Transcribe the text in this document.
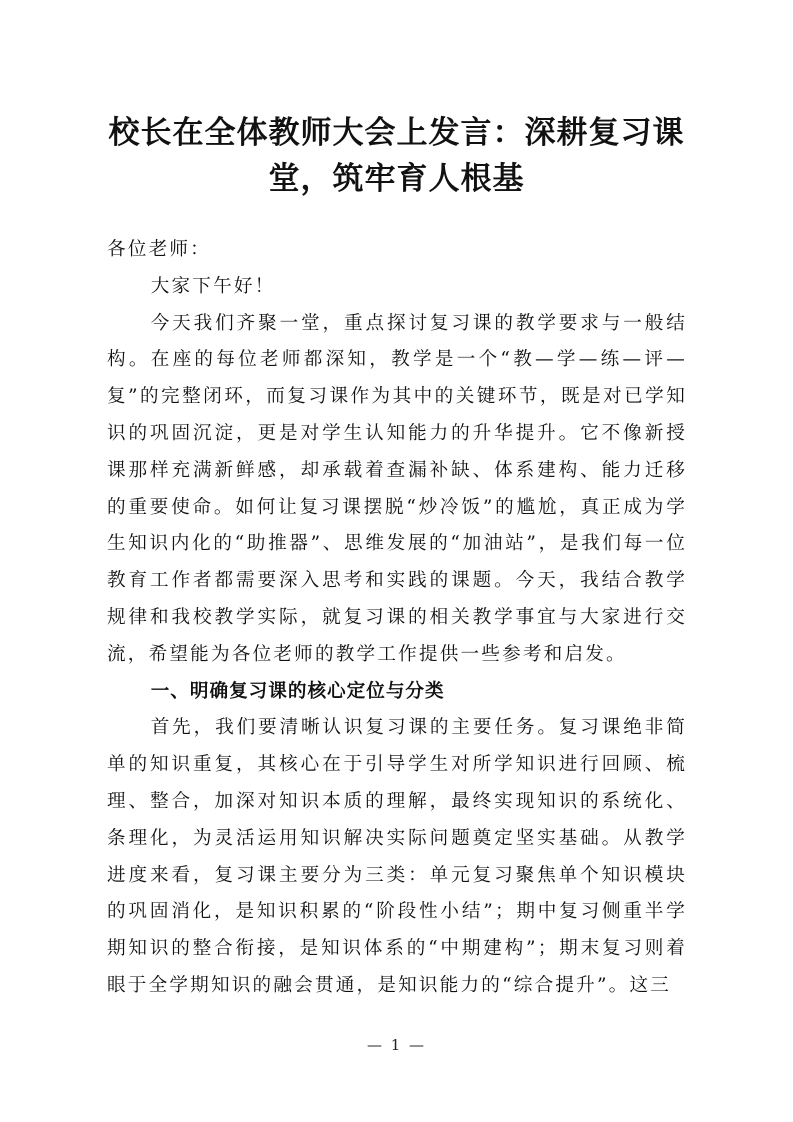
校长在全体教师大会上发言：深耕复习课
堂，筑牢育人根基

各位老师：

大家下午好！

今天我们齐聚一堂，重点探讨复习课的教学要求与一般结构。在座的每位老师都深知，教学是一个“教—学—练—评—复”的完整闭环，而复习课作为其中的关键环节，既是对已学知识的巩固沉淀，更是对学生认知能力的升华提升。它不像新授课那样充满新鲜感，却承载着查漏补缺、体系建构、能力迁移的重要使命。如何让复习课摆脱“炒冷饭”的尴尬，真正成为学生知识内化的“助推器”、思维发展的“加油站”，是我们每一位教育工作者都需要深入思考和实践的课题。今天，我结合教学规律和我校教学实际，就复习课的相关教学事宜与大家进行交流，希望能为各位老师的教学工作提供一些参考和启发。

一、明确复习课的核心定位与分类

首先，我们要清晰认识复习课的主要任务。复习课绝非简单的知识重复，其核心在于引导学生对所学知识进行回顾、梳理、整合，加深对知识本质的理解，最终实现知识的系统化、条理化，为灵活运用知识解决实际问题奠定坚实基础。从教学进度来看，复习课主要分为三类：单元复习聚焦单个知识模块的巩固消化，是知识积累的“阶段性小结”；期中复习侧重半学期知识的整合衔接，是知识体系的“中期建构”；期末复习则着眼于全学期知识的融会贯通，是知识能力的“综合提升”。这三

— 1 —
